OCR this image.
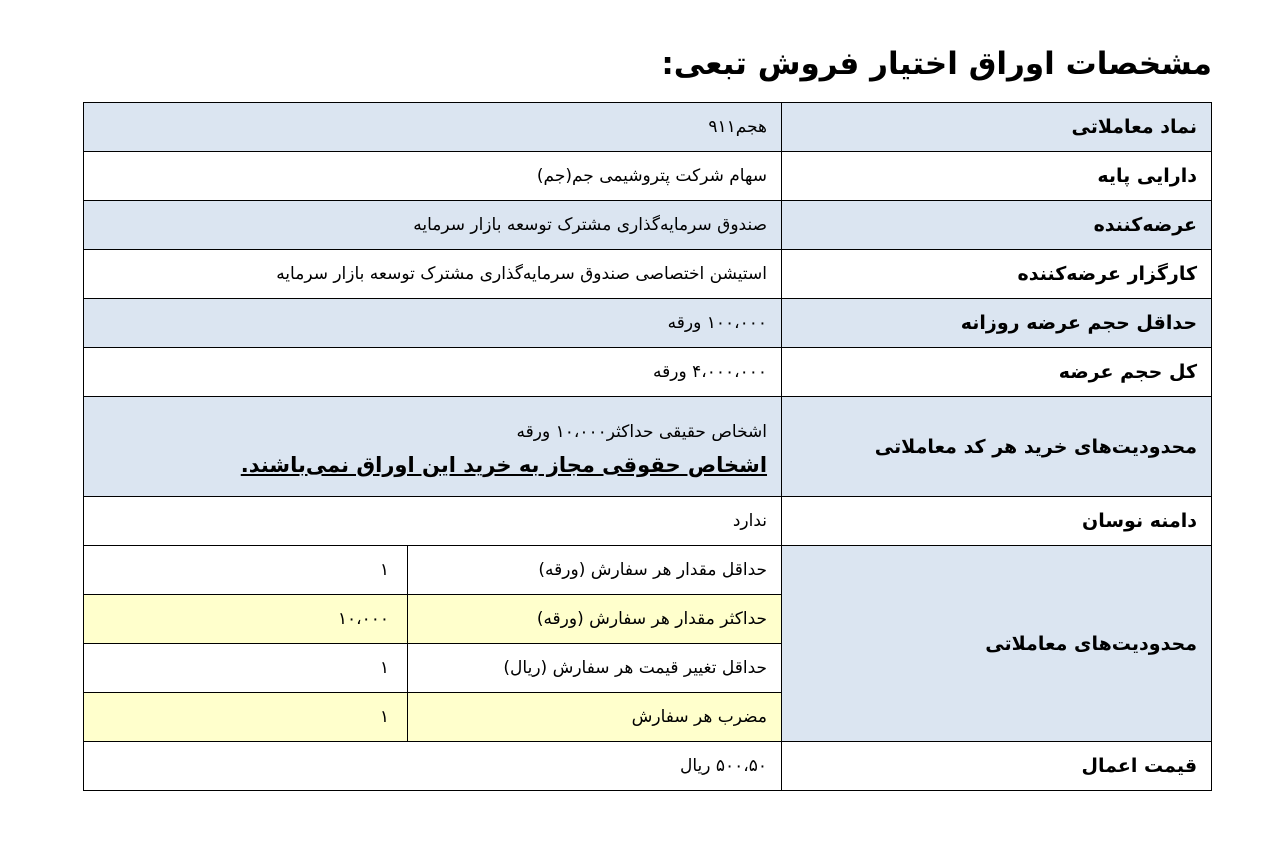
مشخصات اوراق اختیار فروش تبعی:
نماد معاملاتی	هجم۹۱۱	
دارایی پایه	سهام شرکت پتروشیمی جم(جم)	
عرضه‌کننده	صندوق سرمایه‌گذاری مشترک توسعه بازار سرمایه	
کارگزار عرضه‌کننده	استیشن اختصاصی صندوق سرمایه‌گذاری مشترک توسعه بازار سرمایه	
حداقل حجم عرضه روزانه	۱۰۰،۰۰۰ ورقه	
کل حجم عرضه	۴،۰۰۰،۰۰۰ ورقه	
محدودیت‌های خرید هر کد معاملاتی	اشخاص حقیقی حداکثر۱۰،۰۰۰ ورقه
اشخاص حقوقی مجاز به خرید این اوراق نمی‌باشند.	
دامنه نوسان	ندارد	
محدودیت‌های معاملاتی	حداقل مقدار هر سفارش (ورقه)	۱
	حداکثر مقدار هر سفارش (ورقه)	۱۰،۰۰۰
	حداقل تغییر قیمت هر سفارش (ریال)	۱
	مضرب هر سفارش	۱
قیمت اعمال	۵۰۰،۵۰ ریال	
